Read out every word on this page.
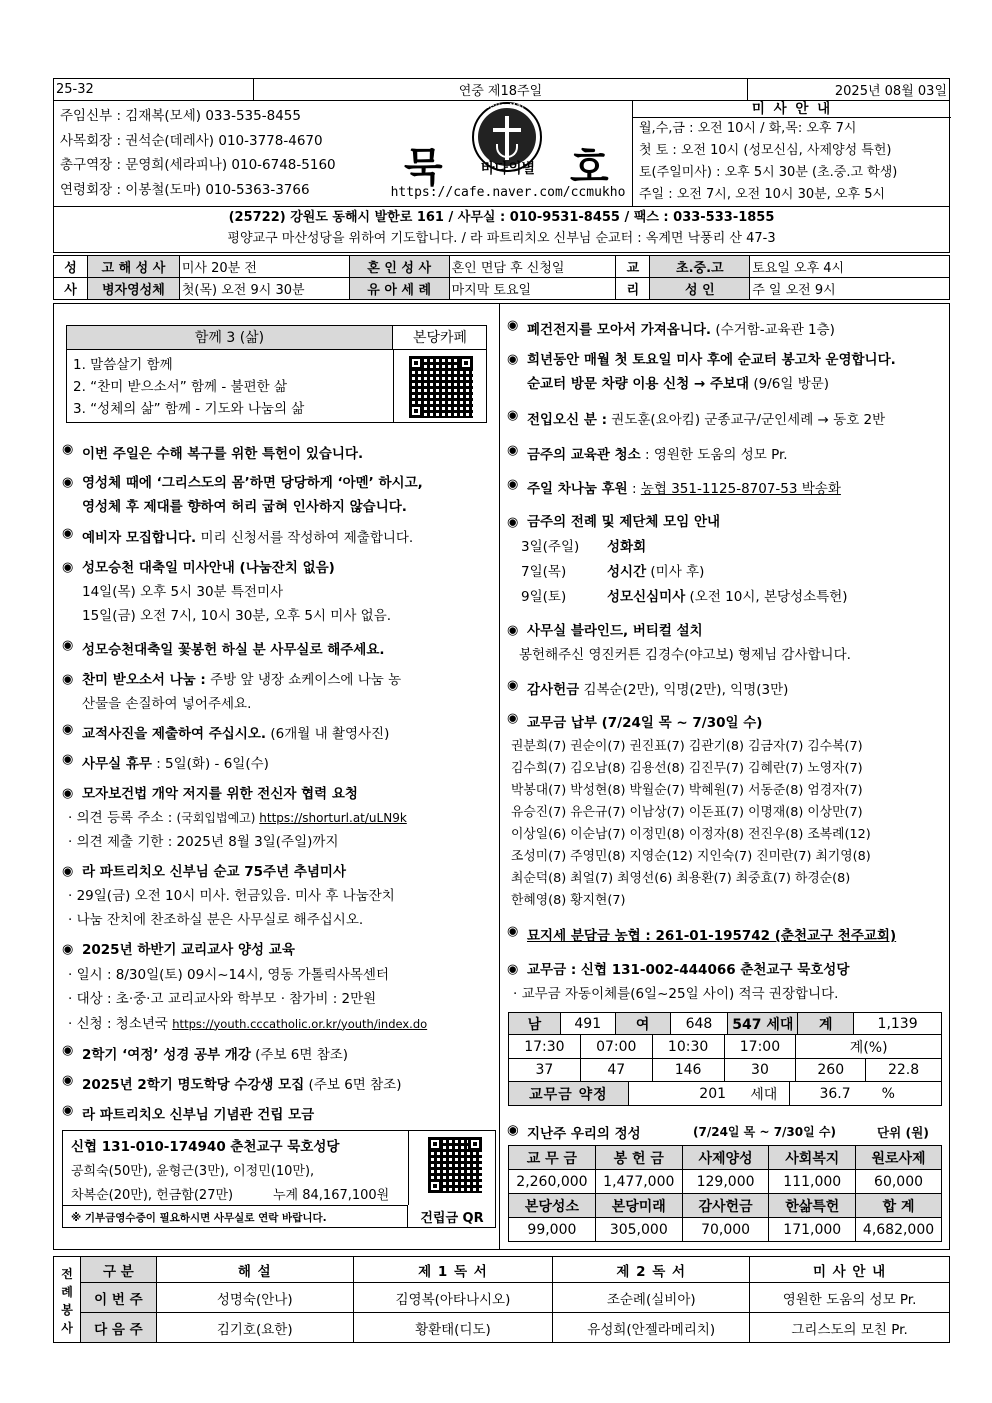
25-32	연중 제18주일	2025년 08월 03일
주임신부 : 김재복(모세) 033-535-8455
사목회장 : 권석순(데레사) 010-3778-4670
총구역장 : 문영희(세라피나) 010-6748-5160
연령회장 : 이봉철(도마) 010-5363-3766
Stella Maris
묵	호
바다의별
https://cafe.naver.com/ccmukho
미 사 안 내
월,수,금 : 오전 10시 / 화,목: 오후 7시
첫 토 : 오전 10시 (성모신심, 사제양성 특헌)
토(주일미사) : 오후 5시 30분 (초.중.고 학생)
주일 : 오전 7시, 오전 10시 30분, 오후 5시
(25722) 강원도 동해시 발한로 161 / 사무실 : 010-9531-8455 / 팩스 : 033-533-1855
평양교구 마산성당을 위하여 기도합니다. / 라 파트리치오 신부님 순교터 : 옥계면 낙풍리 산 47-3
성	고 해 성 사	미사 20분 전	혼 인 성 사	혼인 면담 후 신청일	교	초.중.고	토요일 오후 4시
사	병자영성체	첫(목) 오전 9시 30분	유 아 세 례	마지막 토요일	리	성 인	주 일 오전 9시
함께 3 (삶)	본당카페
1. 말씀살기 함께
2. “찬미 받으소서” 함께 - 불편한 삶
3. “성체의 삶” 함께 - 기도와 나눔의 삶
◉ 이번 주일은 수해 복구를 위한 특헌이 있습니다.
◉ 영성체 때에 ‘그리스도의 몸’하면 당당하게 ‘아멘’ 하시고,
영성체 후 제대를 향하여 허리 굽혀 인사하지 않습니다.
◉ 예비자 모집합니다. 미리 신청서를 작성하여 제출합니다.
◉ 성모승천 대축일 미사안내 (나눔잔치 없음)
14일(목) 오후 5시 30분 특전미사
15일(금) 오전 7시, 10시 30분, 오후 5시 미사 없음.
◉ 성모승천대축일 꽃봉헌 하실 분 사무실로 해주세요.
◉ 찬미 받오소서 나눔 : 주방 앞 냉장 쇼케이스에 나눔 농
산물을 손질하여 넣어주세요.
◉ 교적사진을 제출하여 주십시오. (6개월 내 촬영사진)
◉ 사무실 휴무 : 5일(화) - 6일(수)
◉ 모자보건법 개악 저지를 위한 전신자 협력 요청
· 의견 등록 주소 : (국회입법예고) https://shorturl.at/uLN9k
· 의견 제출 기한 : 2025년 8월 3일(주일)까지
◉ 라 파트리치오 신부님 순교 75주년 추념미사
· 29일(금) 오전 10시 미사. 헌금있음. 미사 후 나눔잔치
· 나눔 잔치에 찬조하실 분은 사무실로 해주십시오.
◉ 2025년 하반기 교리교사 양성 교육
· 일시 : 8/30일(토) 09시~14시, 영동 가톨릭사목센터
· 대상 : 초·중·고 교리교사와 학부모 · 참가비 : 2만원
· 신청 : 청소년국 https://youth.cccatholic.or.kr/youth/index.do
◉ 2학기 ‘여정’ 성경 공부 개강 (주보 6면 참조)
◉ 2025년 2학기 명도학당 수강생 모집 (주보 6면 참조)
◉ 라 파트리치오 신부님 기념관 건립 모금
신협 131-010-174940 춘천교구 묵호성당
공희숙(50만), 윤형근(3만), 이정민(10만),
차복순(20만), 헌금함(27만)	누계 84,167,100원
※ 기부금영수증이 필요하시면 사무실로 연락 바랍니다.	건립금 QR
◉ 폐건전지를 모아서 가져옵니다. (수거함-교육관 1층)
◉ 희년동안 매월 첫 토요일 미사 후에 순교터 봉고차 운영합니다.
순교터 방문 차량 이용 신청 → 주보대 (9/6일 방문)
◉ 전입오신 분 : 권도훈(요아킴) 군종교구/군인세례 → 동호 2반
◉ 금주의 교육관 청소 : 영원한 도움의 성모 Pr.
◉ 주일 차나눔 후원 : 농협 351-1125-8707-53 박송화
◉ 금주의 전례 및 제단체 모임 안내
3일(주일) 성화회
7일(목)	성시간 (미사 후)
9일(토)	성모신심미사 (오전 10시, 본당성소특헌)
◉ 사무실 블라인드, 버티컬 설치
봉헌해주신 영진커튼 김경수(야고보) 형제님 감사합니다.
◉ 감사헌금 김복순(2만), 익명(2만), 익명(3만)
◉ 교무금 납부 (7/24일 목 ~ 7/30일 수)
권분희(7) 권순이(7) 권진표(7) 김관기(8) 김금자(7) 김수복(7)
김수희(7) 김오남(8) 김용선(8) 김진무(7) 김혜란(7) 노영자(7)
박봉대(7) 박성현(8) 박월순(7) 박혜원(7) 서동준(8) 엄경자(7)
유승진(7) 유은규(7) 이남상(7) 이돈표(7) 이명재(8) 이상만(7)
이상일(6) 이순남(7) 이정민(8) 이정자(8) 전진우(8) 조복례(12)
조성미(7) 주영민(8) 지영순(12) 지인숙(7) 진미란(7) 최기영(8)
최순덕(8) 최얼(7) 최영선(6) 최용환(7) 최중효(7) 하경순(8)
한혜영(8) 황지현(7)
◉ 묘지세 분담금 농협 : 261-01-195742 (춘천교구 천주교회)
◉ 교무금 : 신협 131-002-444066 춘천교구 묵호성당
· 교무금 자동이체를(6일~25일 사이) 적극 권장합니다.
남	491	여	648	547 세대	계	1,139
17:30	07:00	10:30	17:00	계(%)	
37	47	146	30	260	22.8
교무금 약정	201	세대	36.7	%
◉ 지난주 우리의 정성	(7/24일 목 ~ 7/30일 수)	단위 (원)
교 무 금	봉 헌 금	사제양성	사회복지	원로사제
2,260,000	1,477,000	129,000	111,000	60,000
본당성소	본당미래	감사헌금	한삶특헌	합 계
99,000	305,000	70,000	171,000	4,682,000
전
례
봉
사	구 분	해 설	제 1 독 서	제 2 독 서	미 사 안 내
	이 번 주	성명숙(안나)	김영복(아타나시오)	조순례(실비아)	영원한 도움의 성모 Pr.
	다 음 주	김기호(요한)	황환태(디도)	유성희(안젤라메리치)	그리스도의 모친 Pr.
